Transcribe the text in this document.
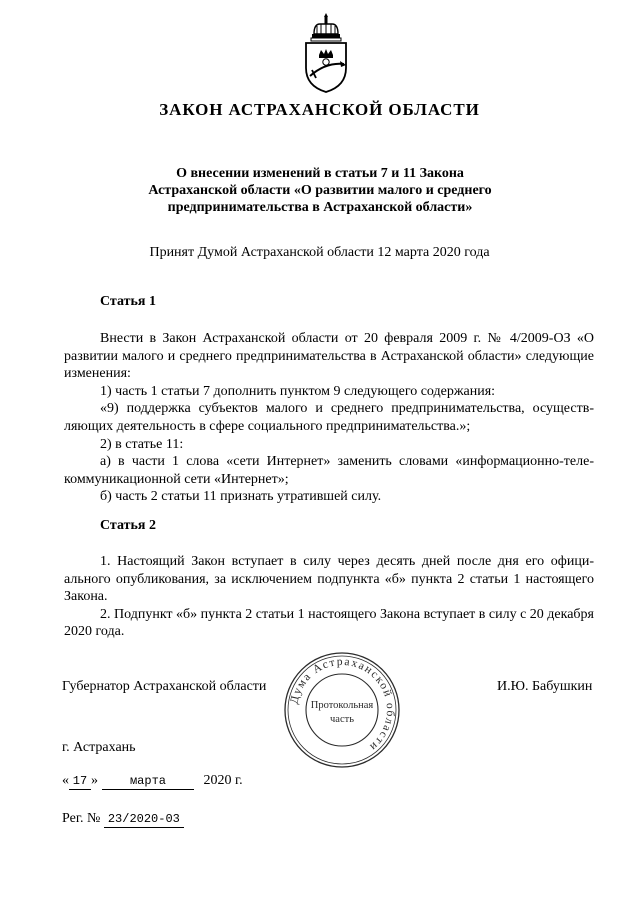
ЗАКОН АСТРАХАНСКОЙ ОБЛАСТИ
О внесении изменений в статьи 7 и 11 Закона
Астраханской области «О развитии малого и среднего
предпринимательства в Астраханской области»
Принят Думой Астраханской области 12 марта 2020 года
Статья 1

Внести в Закон Астраханской области от 20 февраля 2009 г. № 4/2009-ОЗ «О развитии малого и среднего предпринимательства в Астраханской области» следующие изменения:

1) часть 1 статьи 7 дополнить пунктом 9 следующего содержания:

«9) поддержка субъектов малого и среднего предпринимательства, осуществляющих деятельность в сфере социального предпринимательства.»;

2) в статье 11:

а) в части 1 слова «сети Интернет» заменить словами «информационно-телекоммуникационной сети «Интернет»;

б) часть 2 статьи 11 признать утратившей силу.

Статья 2

1. Настоящий Закон вступает в силу через десять дней после дня его официального опубликования, за исключением подпункта «б» пункта 2 статьи 1 настоящего Закона.

2. Подпункт «б» пункта 2 статьи 1 настоящего Закона вступает в силу с 20 декабря 2020 года.

Губернатор Астраханской области	И.Ю. Бабушкин
Дума Астраханской области
Протокольная
часть
г. Астрахань
« 17 »	марта	2020 г.
Рег. № 23/2020-03
